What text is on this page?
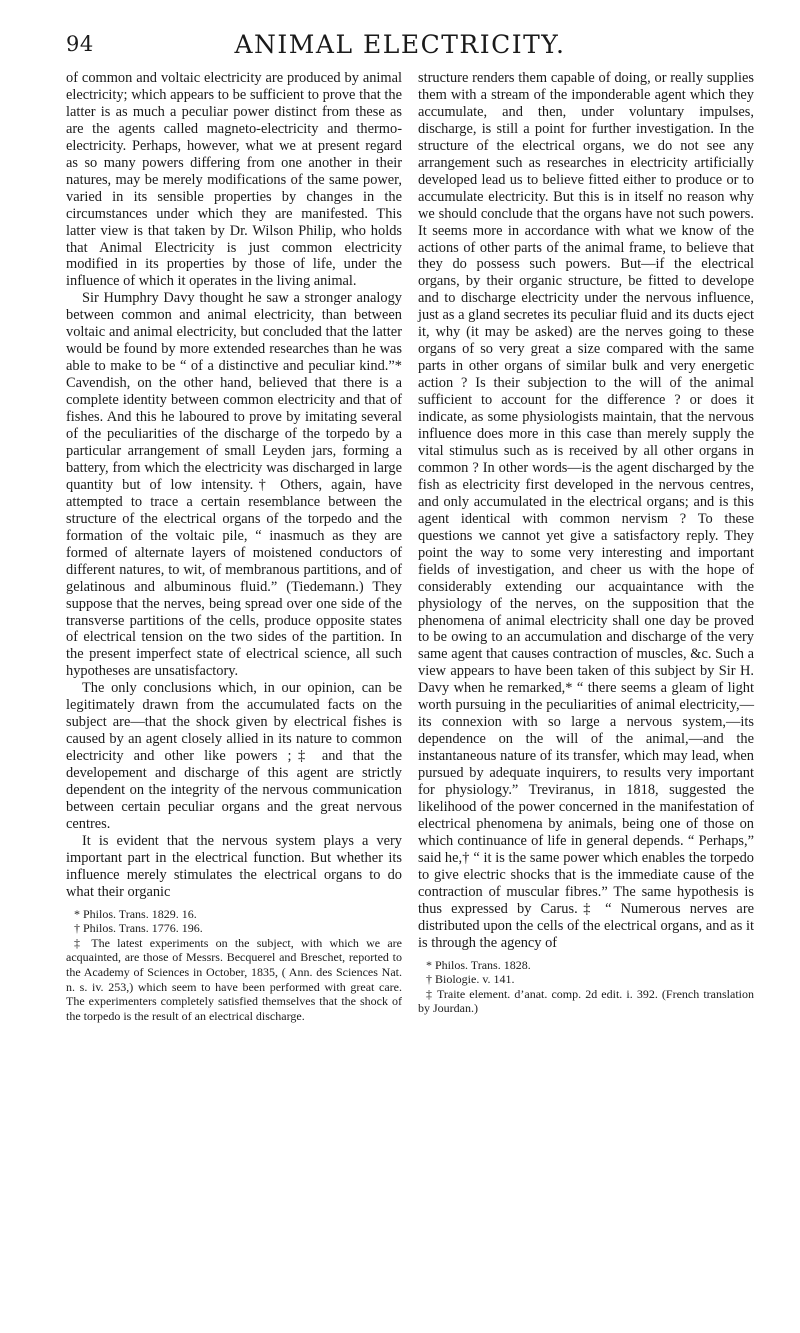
94	ANIMAL ELECTRICITY.

of common and voltaic electricity are produced by animal electricity; which appears to be sufficient to prove that the latter is as much a peculiar power distinct from these as are the agents called magneto-electricity and thermo-electricity. Perhaps, however, what we at present regard as so many powers differing from one another in their natures, may be merely modifications of the same power, varied in its sensible properties by changes in the circumstances under which they are manifested. This latter view is that taken by Dr. Wilson Philip, who holds that Animal Electricity is just common electricity modified in its properties by those of life, under the influence of which it operates in the living animal.

Sir Humphry Davy thought he saw a stronger analogy between common and animal electricity, than between voltaic and animal electricity, but concluded that the latter would be found by more extended researches than he was able to make to be “ of a distinctive and peculiar kind.”* Cavendish, on the other hand, believed that there is a complete identity between common electricity and that of fishes. And this he laboured to prove by imitating several of the peculiarities of the discharge of the torpedo by a particular arrangement of small Leyden jars, forming a battery, from which the electricity was discharged in large quantity but of low intensity.† Others, again, have attempted to trace a certain resemblance between the structure of the electrical organs of the torpedo and the formation of the voltaic pile, “ inasmuch as they are formed of alternate layers of moistened conductors of different natures, to wit, of membranous partitions, and of gelatinous and albuminous fluid.” (Tiedemann.) They suppose that the nerves, being spread over one side of the transverse partitions of the cells, produce opposite states of electrical tension on the two sides of the partition. In the present imperfect state of electrical science, all such hypotheses are unsatisfactory.

The only conclusions which, in our opinion, can be legitimately drawn from the accumulated facts on the subject are—that the shock given by electrical fishes is caused by an agent closely allied in its nature to common electricity and other like powers ;‡ and that the developement and discharge of this agent are strictly dependent on the integrity of the nervous communication between certain peculiar organs and the great nervous centres.

It is evident that the nervous system plays a very important part in the electrical function. But whether its influence merely stimulates the electrical organs to do what their organic

* Philos. Trans. 1829. 16.
† Philos. Trans. 1776. 196.
‡ The latest experiments on the subject, with which we are acquainted, are those of Messrs. Becquerel and Breschet, reported to the Academy of Sciences in October, 1835, ( Ann. des Sciences Nat. n. s. iv. 253,) which seem to have been performed with great care. The experimenters completely satisfied themselves that the shock of the torpedo is the result of an electrical discharge.

structure renders them capable of doing, or really supplies them with a stream of the imponderable agent which they accumulate, and then, under voluntary impulses, discharge, is still a point for further investigation. In the structure of the electrical organs, we do not see any arrangement such as researches in electricity artificially developed lead us to believe fitted either to produce or to accumulate electricity. But this is in itself no reason why we should conclude that the organs have not such powers. It seems more in accordance with what we know of the actions of other parts of the animal frame, to believe that they do possess such powers. But—if the electrical organs, by their organic structure, be fitted to develope and to discharge electricity under the nervous influence, just as a gland secretes its peculiar fluid and its ducts eject it, why (it may be asked) are the nerves going to these organs of so very great a size compared with the same parts in other organs of similar bulk and very energetic action ? Is their subjection to the will of the animal sufficient to account for the difference ? or does it indicate, as some physiologists maintain, that the nervous influence does more in this case than merely supply the vital stimulus such as is received by all other organs in common ? In other words—is the agent discharged by the fish as electricity first developed in the nervous centres, and only accumulated in the electrical organs; and is this agent identical with common nervism ? To these questions we cannot yet give a satisfactory reply. They point the way to some very interesting and important fields of investigation, and cheer us with the hope of considerably extending our acquaintance with the physiology of the nerves, on the supposition that the phenomena of animal electricity shall one day be proved to be owing to an accumulation and discharge of the very same agent that causes contraction of muscles, &c. Such a view appears to have been taken of this subject by Sir H. Davy when he remarked,* “ there seems a gleam of light worth pursuing in the peculiarities of animal electricity,—its connexion with so large a nervous system,—its dependence on the will of the animal,—and the instantaneous nature of its transfer, which may lead, when pursued by adequate inquirers, to results very important for physiology.” Treviranus, in 1818, suggested the likelihood of the power concerned in the manifestation of electrical phenomena by animals, being one of those on which continuance of life in general depends. “ Perhaps,” said he,† “ it is the same power which enables the torpedo to give electric shocks that is the immediate cause of the contraction of muscular fibres.” The same hypothesis is thus expressed by Carus.‡ “ Numerous nerves are distributed upon the cells of the electrical organs, and as it is through the agency of

* Philos. Trans. 1828.
† Biologie. v. 141.
‡ Traite element. d’anat. comp. 2d edit. i. 392. (French translation by Jourdan.)
